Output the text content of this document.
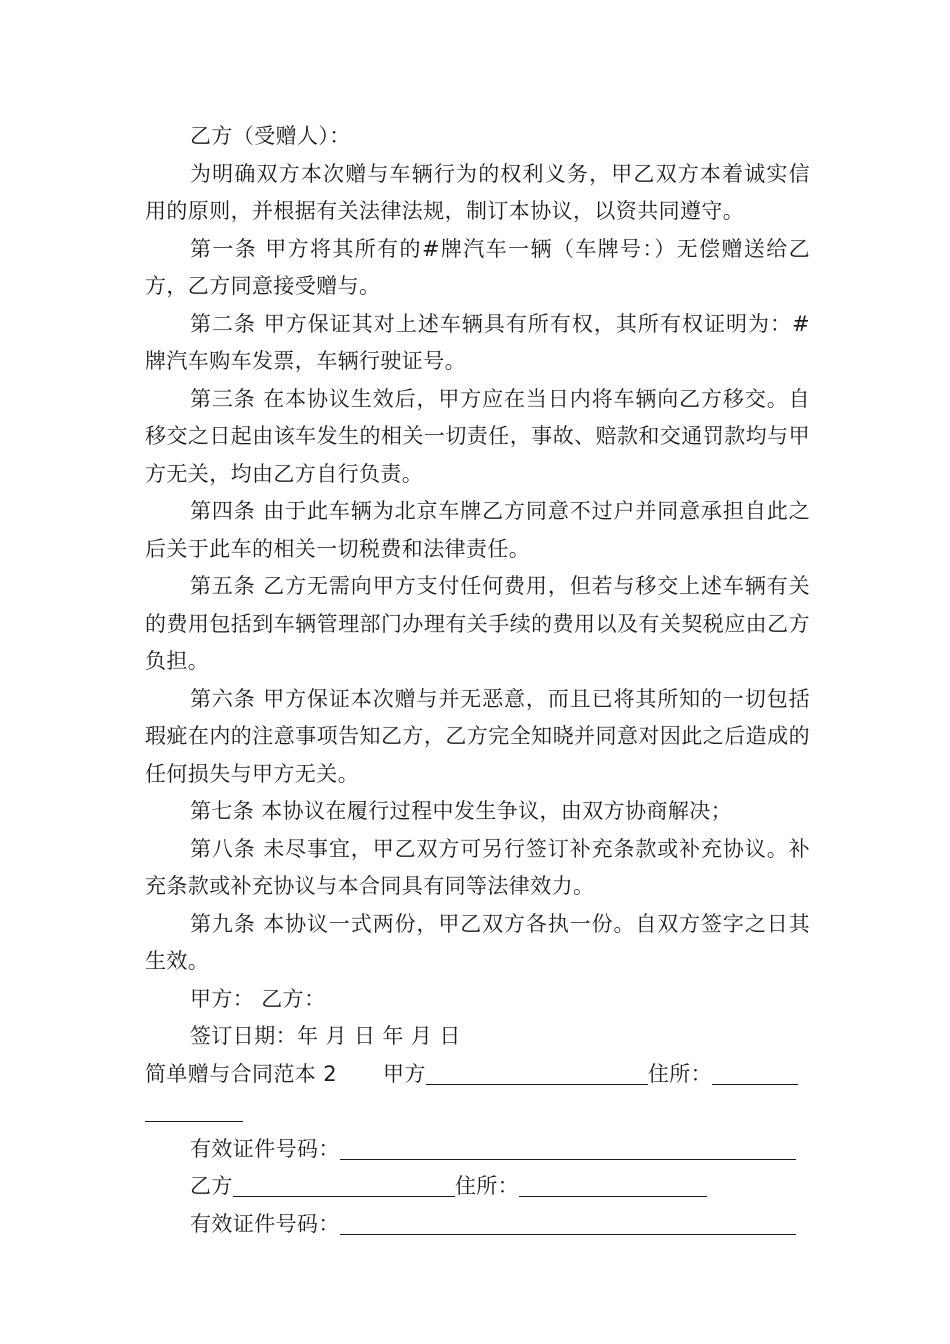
乙方（受赠人）：

为明确双方本次赠与车辆行为的权利义务，甲乙双方本着诚实信用的原则，并根据有关法律法规，制订本协议，以资共同遵守。

第一条 甲方将其所有的#牌汽车一辆（车牌号：）无偿赠送给乙方，乙方同意接受赠与。

第二条 甲方保证其对上述车辆具有所有权，其所有权证明为：#牌汽车购车发票，车辆行驶证号。

第三条 在本协议生效后，甲方应在当日内将车辆向乙方移交。自移交之日起由该车发生的相关一切责任，事故、赔款和交通罚款均与甲方无关，均由乙方自行负责。

第四条 由于此车辆为北京车牌乙方同意不过户并同意承担自此之后关于此车的相关一切税费和法律责任。

第五条 乙方无需向甲方支付任何费用，但若与移交上述车辆有关的费用包括到车辆管理部门办理有关手续的费用以及有关契税应由乙方负担。

第六条 甲方保证本次赠与并无恶意，而且已将其所知的一切包括瑕疵在内的注意事项告知乙方，乙方完全知晓并同意对因此之后造成的任何损失与甲方无关。

第七条 本协议在履行过程中发生争议，由双方协商解决；

第八条 未尽事宜，甲乙双方可另行签订补充条款或补充协议。补充条款或补充协议与本合同具有同等法律效力。

第九条 本协议一式两份，甲乙双方各执一份。自双方签字之日其生效。

甲方： 乙方：

签订日期：年 月 日 年 月 日

简单赠与合同范本 2 甲方	住所：

有效证件号码：

乙方	住所：

有效证件号码：
